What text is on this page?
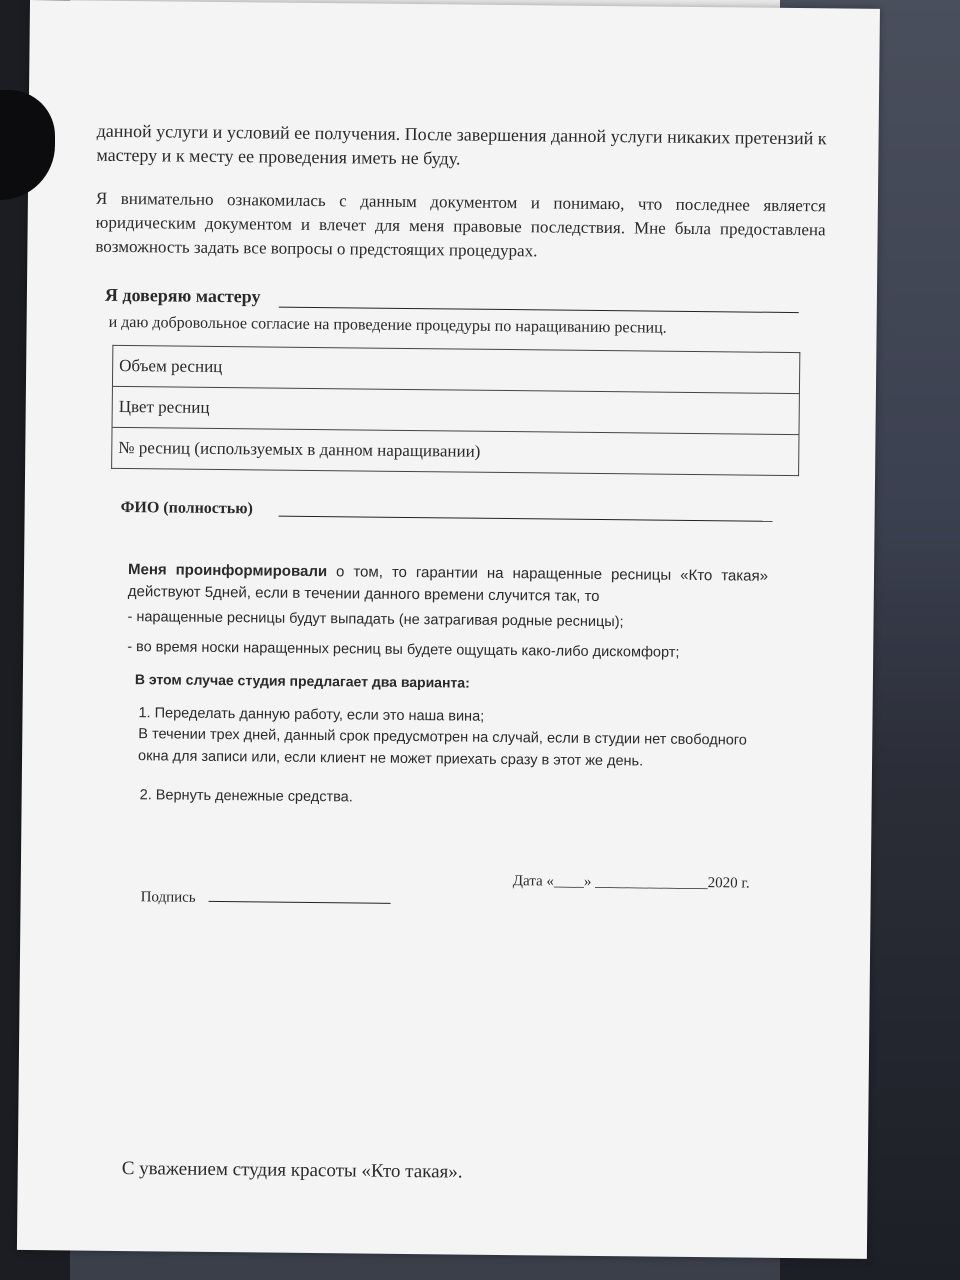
данной услуги и условий ее получения. После завершения данной услуги никаких претензий к мастеру и к месту ее проведения иметь не буду.
Я внимательно ознакомилась с данным документом и понимаю, что последнее является юридическим документом и влечет для меня правовые последствия. Мне была предоставлена возможность задать все вопросы о предстоящих процедурах.
Я доверяю мастеру
и даю добровольное согласие на проведение процедуры по наращиванию ресниц.
Объем ресниц
Цвет ресниц
№ ресниц (используемых в данном наращивании)
ФИО (полностью)
Меня проинформировали о том, то гарантии на наращенные ресницы «Кто такая» действуют 5дней, если в течении данного времени случится так, то
- наращенные ресницы будут выпадать (не затрагивая родные ресницы);
- во время носки наращенных ресниц вы будете ощущать како-либо дискомфорт;
В этом случае студия предлагает два варианта:
1. Переделать данную работу, если это наша вина;
В течении трех дней, данный срок предусмотрен на случай, если в студии нет свободного окна для записи или, если клиент не может приехать сразу в этот же день.
2. Вернуть денежные средства.
Дата «____» _______________2020 г.
Подпись
С уважением студия красоты «Кто такая».
